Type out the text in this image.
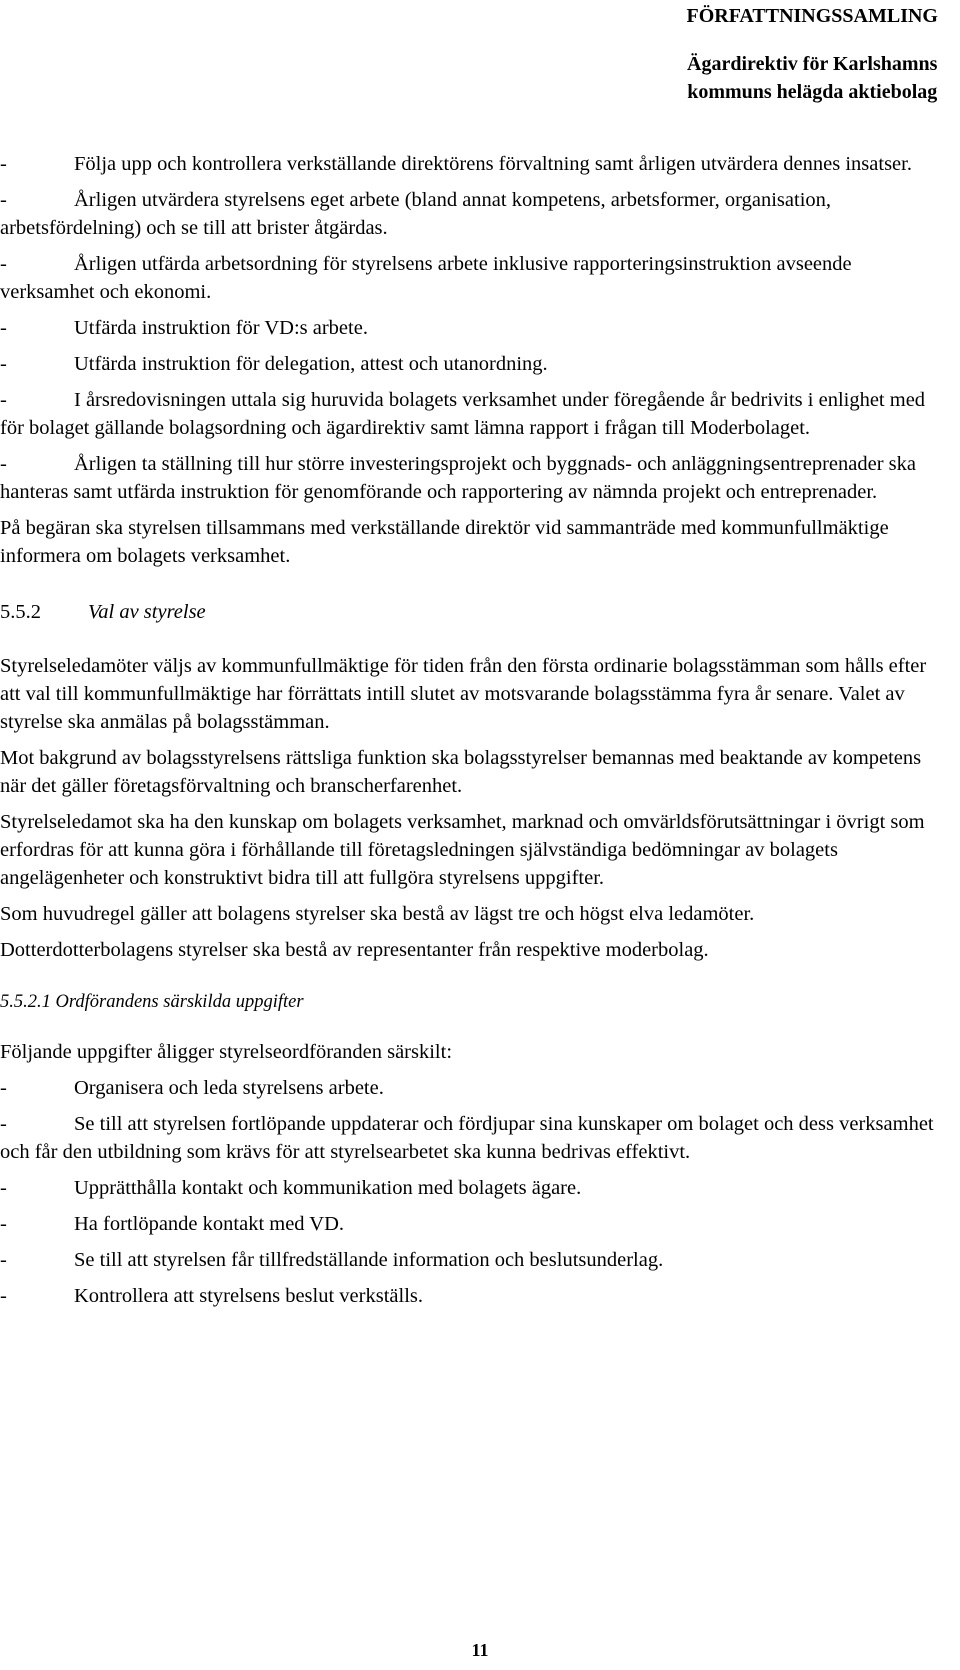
FÖRFATTNINGSSAMLING
Ägardirektiv för Karlshamns
kommuns helägda aktiebolag
-	Följa upp och kontrollera verkställande direktörens förvaltning samt årligen utvärdera dennes insatser.
-	Årligen utvärdera styrelsens eget arbete (bland annat kompetens, arbetsformer, organisation, arbetsfördelning) och se till att brister åtgärdas.
-	Årligen utfärda arbetsordning för styrelsens arbete inklusive rapporteringsinstruktion avseende verksamhet och ekonomi.
-	Utfärda instruktion för VD:s arbete.
-	Utfärda instruktion för delegation, attest och utanordning.
-	I årsredovisningen uttala sig huruvida bolagets verksamhet under föregående år bedrivits i enlighet med för bolaget gällande bolagsordning och ägardirektiv samt lämna rapport i frågan till Moderbolaget.
-	Årligen ta ställning till hur större investeringsprojekt och byggnads- och anläggningsentreprenader ska hanteras samt utfärda instruktion för genomförande och rapportering av nämnda projekt och entreprenader.
På begäran ska styrelsen tillsammans med verkställande direktör vid sammanträde med kommunfullmäktige informera om bolagets verksamhet.
5.5.2 Val av styrelse
Styrelseledamöter väljs av kommunfullmäktige för tiden från den första ordinarie bolagsstämman som hålls efter att val till kommunfullmäktige har förrättats intill slutet av motsvarande bolagsstämma fyra år senare. Valet av styrelse ska anmälas på bolagsstämman.
Mot bakgrund av bolagsstyrelsens rättsliga funktion ska bolagsstyrelser bemannas med beaktande av kompetens när det gäller företagsförvaltning och branscherfarenhet.
Styrelseledamot ska ha den kunskap om bolagets verksamhet, marknad och omvärldsförutsättningar i övrigt som erfordras för att kunna göra i förhållande till företagsledningen självständiga bedömningar av bolagets angelägenheter och konstruktivt bidra till att fullgöra styrelsens uppgifter.
Som huvudregel gäller att bolagens styrelser ska bestå av lägst tre och högst elva ledamöter.
Dotterdotterbolagens styrelser ska bestå av representanter från respektive moderbolag.
5.5.2.1 Ordförandens särskilda uppgifter
Följande uppgifter åligger styrelseordföranden särskilt:
-	Organisera och leda styrelsens arbete.
-	Se till att styrelsen fortlöpande uppdaterar och fördjupar sina kunskaper om bolaget och dess verksamhet och får den utbildning som krävs för att styrelsearbetet ska kunna bedrivas effektivt.
-	Upprätthålla kontakt och kommunikation med bolagets ägare.
-	Ha fortlöpande kontakt med VD.
-	Se till att styrelsen får tillfredställande information och beslutsunderlag.
-	Kontrollera att styrelsens beslut verkställs.
11
